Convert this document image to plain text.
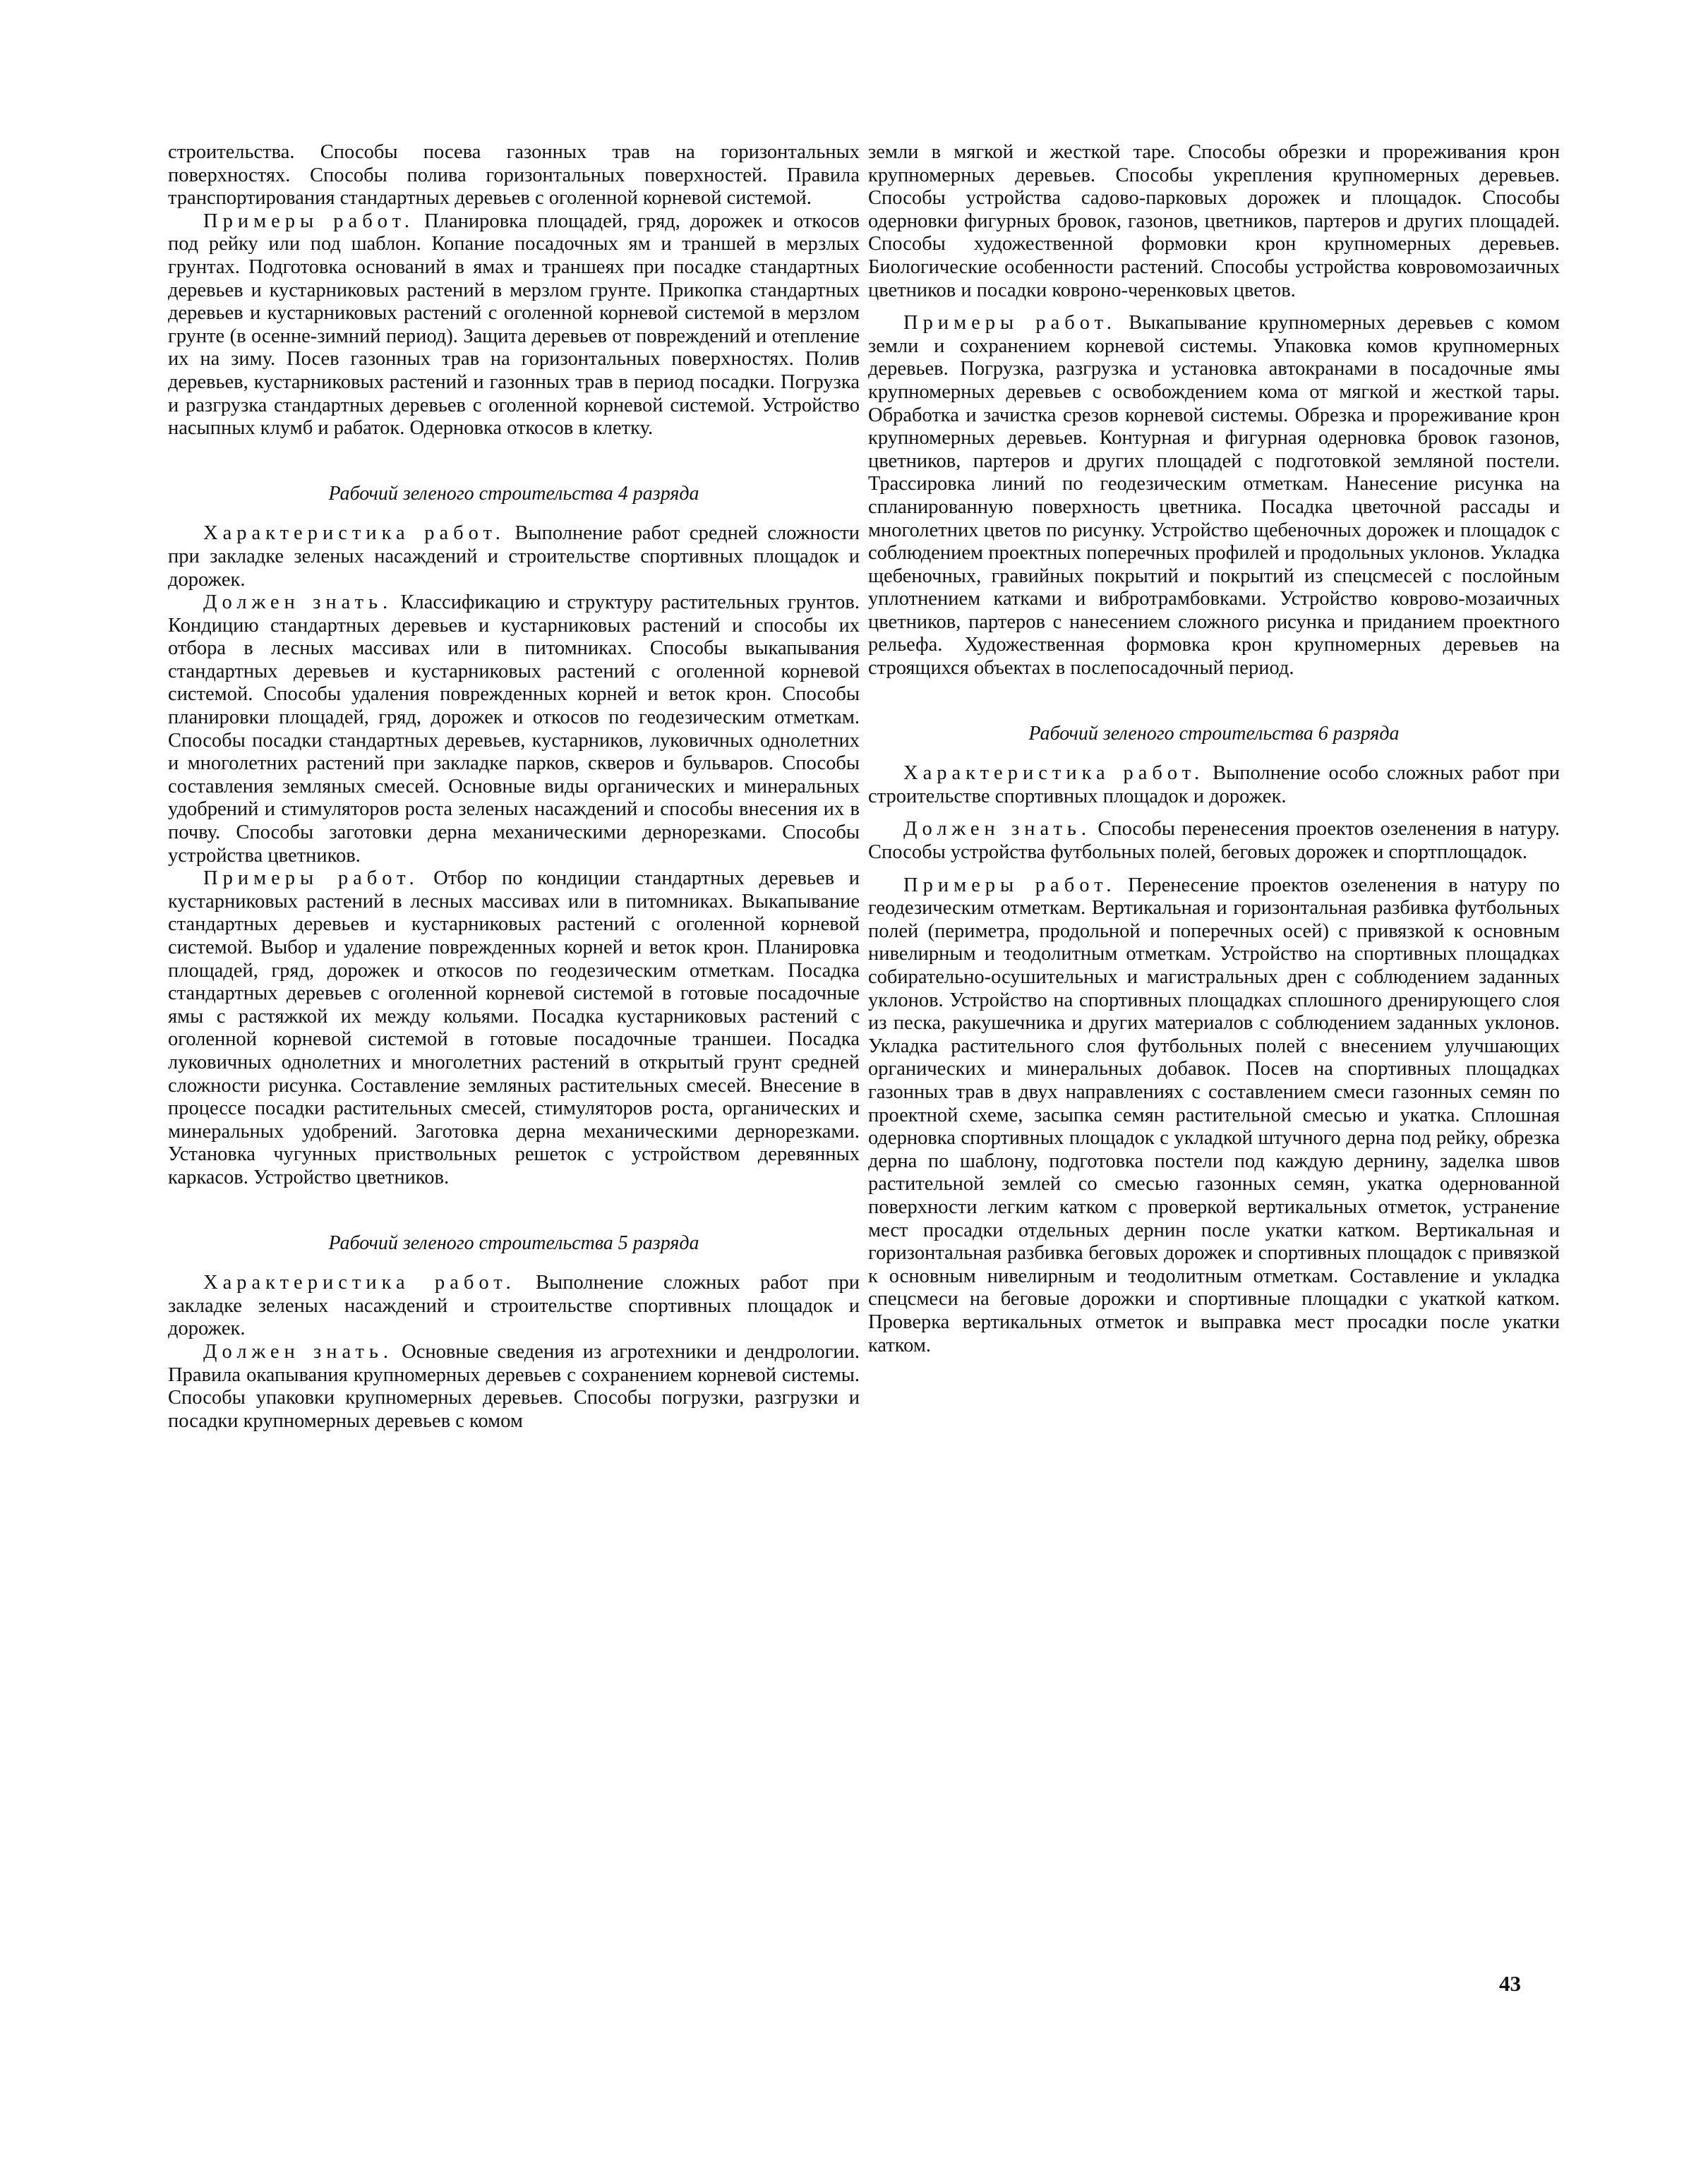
строительства. Способы посева газонных трав на горизонтальных поверхностях. Способы полива горизонтальных поверхностей. Правила транспортирования стандартных деревьев с оголенной корневой системой.

Примеры работ. Планировка площадей, гряд, дорожек и откосов под рейку или под шаблон. Копание посадочных ям и траншей в мерзлых грунтах. Подготовка оснований в ямах и траншеях при посадке стандартных деревьев и кустарниковых растений в мерзлом грунте. Прикопка стандартных деревьев и кустарниковых растений с оголенной корневой системой в мерзлом грунте (в осенне-зимний период). Защита деревьев от повреждений и отепление их на зиму. Посев газонных трав на горизонтальных поверхностях. Полив деревьев, кустарниковых растений и газонных трав в период посадки. Погрузка и разгрузка стандартных деревьев с оголенной корневой системой. Устройство насыпных клумб и рабаток. Одерновка откосов в клетку.

Рабочий зеленого строительства 4 разряда

Характеристика работ. Выполнение работ средней сложности при закладке зеленых насаждений и строительстве спортивных площадок и дорожек.

Должен знать. Классификацию и структуру растительных грунтов. Кондицию стандартных деревьев и кустарниковых растений и способы их отбора в лесных массивах или в питомниках. Способы выкапывания стандартных деревьев и кустарниковых растений с оголенной корневой системой. Способы удаления поврежденных корней и веток крон. Способы планировки площадей, гряд, дорожек и откосов по геодезическим отметкам. Способы посадки стандартных деревьев, кустарников, луковичных однолетних и многолетних растений при закладке парков, скверов и бульваров. Способы составления земляных смесей. Основные виды органических и минеральных удобрений и стимуляторов роста зеленых насаждений и способы внесения их в почву. Способы заготовки дерна механическими дернорезками. Способы устройства цветников.

Примеры работ. Отбор по кондиции стандартных деревьев и кустарниковых растений в лесных массивах или в питомниках. Выкапывание стандартных деревьев и кустарниковых растений с оголенной корневой системой. Выбор и удаление поврежденных корней и веток крон. Планировка площадей, гряд, дорожек и откосов по геодезическим отметкам. Посадка стандартных деревьев с оголенной корневой системой в готовые посадочные ямы с растяжкой их между кольями. Посадка кустарниковых растений с оголенной корневой системой в готовые посадочные траншеи. Посадка луковичных однолетних и многолетних растений в открытый грунт средней сложности рисунка. Составление земляных растительных смесей. Внесение в процессе посадки растительных смесей, стимуляторов роста, органических и минеральных удобрений. Заготовка дерна механическими дернорезками. Установка чугунных приствольных решеток с устройством деревянных каркасов. Устройство цветников.

Рабочий зеленого строительства 5 разряда

Характеристика работ. Выполнение сложных работ при закладке зеленых насаждений и строительстве спортивных площадок и дорожек.

Должен знать. Основные сведения из агротехники и дендрологии. Правила окапывания крупномерных деревьев с сохранением корневой системы. Способы упаковки крупномерных деревьев. Способы погрузки, разгрузки и посадки крупномерных деревьев с комом

земли в мягкой и жесткой таре. Способы обрезки и прореживания крон крупномерных деревьев. Способы укрепления крупномерных деревьев. Способы устройства садово-парковых дорожек и площадок. Способы одерновки фигурных бровок, газонов, цветников, партеров и других площадей. Способы художественной формовки крон крупномерных деревьев. Биологические особенности растений. Способы устройства ковровомозаичных цветников и посадки ковроно-черенковых цветов.

Примеры работ. Выкапывание крупномерных деревьев с комом земли и сохранением корневой системы. Упаковка комов крупномерных деревьев. Погрузка, разгрузка и установка автокранами в посадочные ямы крупномерных деревьев с освобождением кома от мягкой и жесткой тары. Обработка и зачистка срезов корневой системы. Обрезка и прореживание крон крупномерных деревьев. Контурная и фигурная одерновка бровок газонов, цветников, партеров и других площадей с подготовкой земляной постели. Трассировка линий по геодезическим отметкам. Нанесение рисунка на спланированную поверхность цветника. Посадка цветочной рассады и многолетних цветов по рисунку. Устройство щебеночных дорожек и площадок с соблюдением проектных поперечных профилей и продольных уклонов. Укладка щебеночных, гравийных покрытий и покрытий из спецсмесей с послойным уплотнением катками и вибротрамбовками. Устройство коврово-мозаичных цветников, партеров с нанесением сложного рисунка и приданием проектного рельефа. Художественная формовка крон крупномерных деревьев на строящихся объектах в послепосадочный период.

Рабочий зеленого строительства 6 разряда

Характеристика работ. Выполнение особо сложных работ при строительстве спортивных площадок и дорожек.

Должен знать. Способы перенесения проектов озеленения в натуру. Способы устройства футбольных полей, беговых дорожек и спортплощадок.

Примеры работ. Перенесение проектов озеленения в натуру по геодезическим отметкам. Вертикальная и горизонтальная разбивка футбольных полей (периметра, продольной и поперечных осей) с привязкой к основным нивелирным и теодолитным отметкам. Устройство на спортивных площадках собирательно-осушительных и магистральных дрен с соблюдением заданных уклонов. Устройство на спортивных площадках сплошного дренирующего слоя из песка, ракушечника и других материалов с соблюдением заданных уклонов. Укладка растительного слоя футбольных полей с внесением улучшающих органических и минеральных добавок. Посев на спортивных площадках газонных трав в двух направлениях с составлением смеси газонных семян по проектной схеме, засыпка семян растительной смесью и укатка. Сплошная одерновка спортивных площадок с укладкой штучного дерна под рейку, обрезка дерна по шаблону, подготовка постели под каждую дернину, заделка швов растительной землей со смесью газонных семян, укатка одернованной поверхности легким катком с проверкой вертикальных отметок, устранение мест просадки отдельных дернин после укатки катком. Вертикальная и горизонтальная разбивка беговых дорожек и спортивных площадок с привязкой к основным нивелирным и теодолитным отметкам. Составление и укладка спецсмеси на беговые дорожки и спортивные площадки с укаткой катком. Проверка вертикальных отметок и выправка мест просадки после укатки катком.

43
